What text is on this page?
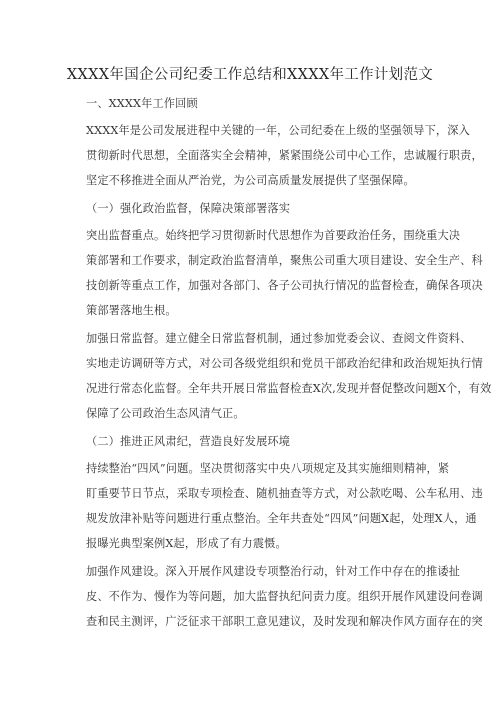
XXXX年国企公司纪委工作总结和XXXX年工作计划范文
一、XXXX年工作回顾
XXXX年是公司发展进程中关键的一年，公司纪委在上级的坚强领导下，深入
贯彻新时代思想，全面落实全会精神，紧紧围绕公司中心工作，忠诚履行职责，
坚定不移推进全面从严治党，为公司高质量发展提供了坚强保障。
（一）强化政治监督，保障决策部署落实
突出监督重点。始终把学习贯彻新时代思想作为首要政治任务，围绕重大决
策部署和工作要求，制定政治监督清单，聚焦公司重大项目建设、安全生产、科
技创新等重点工作，加强对各部门、各子公司执行情况的监督检查，确保各项决
策部署落地生根。
加强日常监督。建立健全日常监督机制，通过参加党委会议、查阅文件资料、
实地走访调研等方式，对公司各级党组织和党员干部政治纪律和政治规矩执行情
况进行常态化监督。全年共开展日常监督检查X次,发现并督促整改问题X个，有效
保障了公司政治生态风清气正。
（二）推进正风肃纪，营造良好发展环境
持续整治“四风”问题。坚决贯彻落实中央八项规定及其实施细则精神，紧
盯重要节日节点，采取专项检查、随机抽查等方式，对公款吃喝、公车私用、违
规发放津补贴等问题进行重点整治。全年共查处“四风”问题X起，处理X人，通
报曝光典型案例X起，形成了有力震慑。
加强作风建设。深入开展作风建设专项整治行动，针对工作中存在的推诿扯
皮、不作为、慢作为等问题，加大监督执纪问责力度。组织开展作风建设问卷调
查和民主测评，广泛征求干部职工意见建议，及时发现和解决作风方面存在的突
